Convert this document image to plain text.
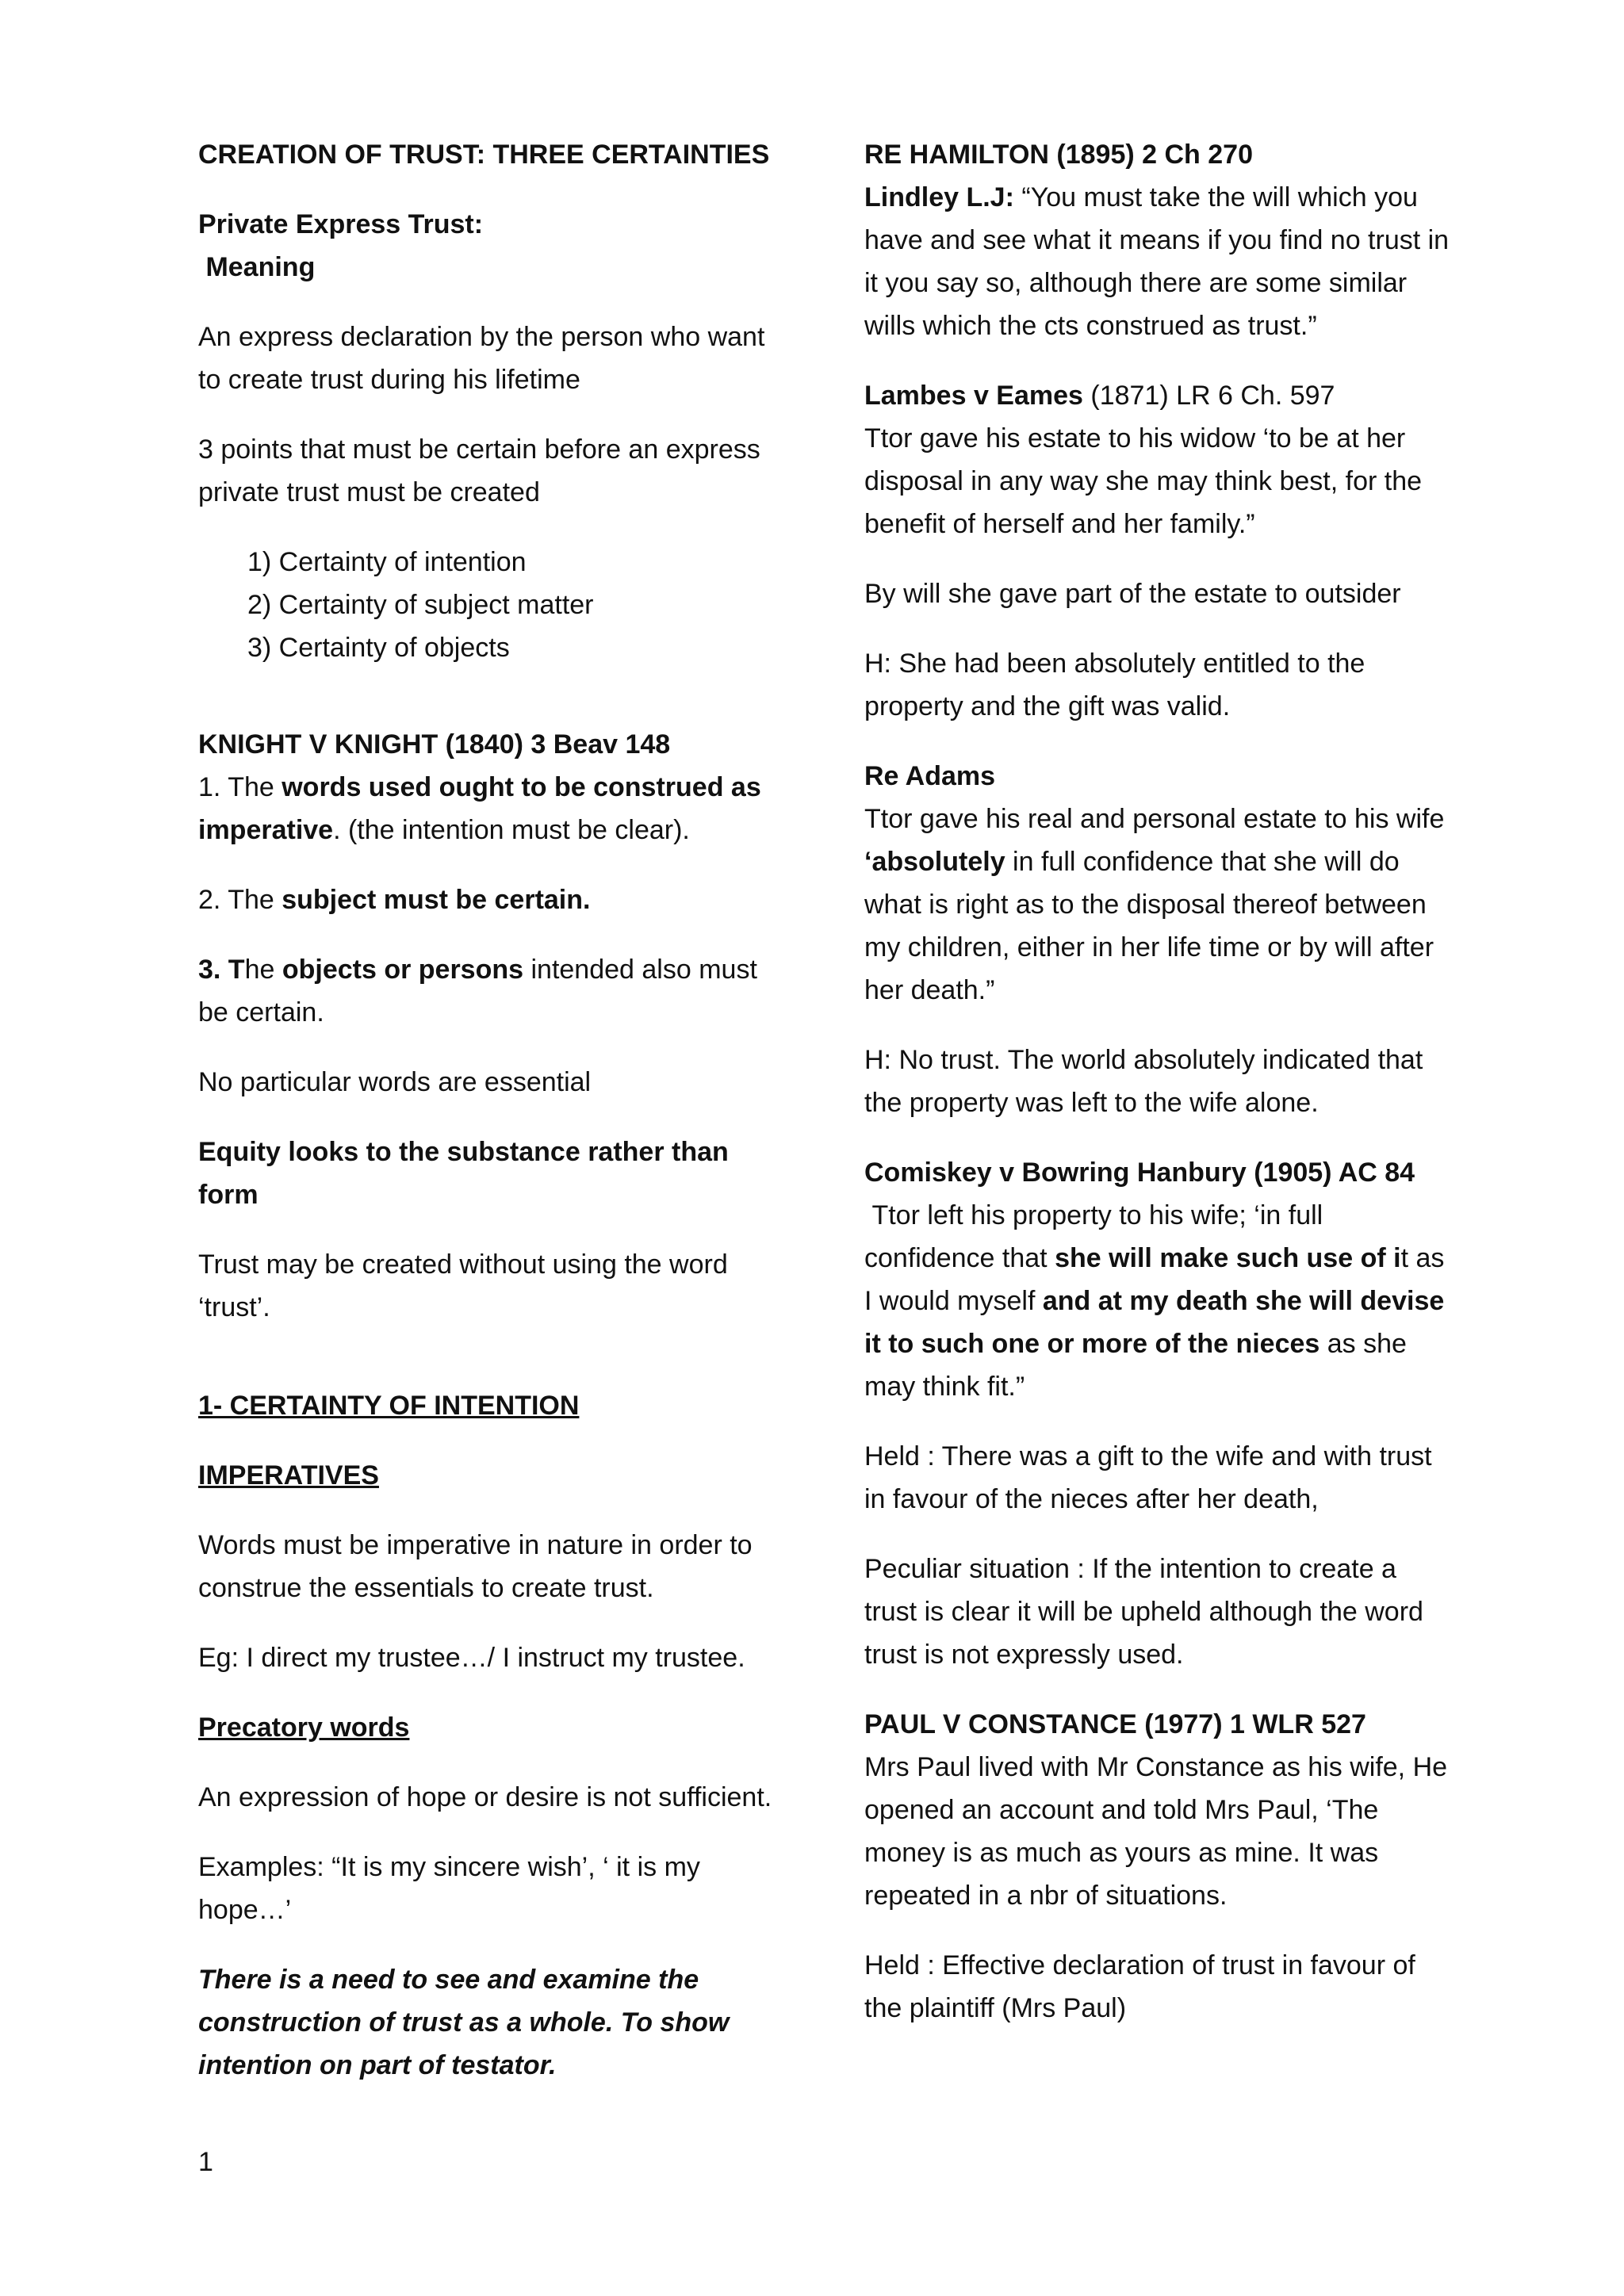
CREATION OF TRUST: THREE CERTAINTIES

Private Express Trust:
Meaning

An express declaration by the person who want to create trust during his lifetime

3 points that must be certain before an express private trust must be created

1) Certainty of intention
2) Certainty of subject matter
3) Certainty of objects

KNIGHT V KNIGHT (1840) 3 Beav 148
1. The words used ought to be construed as imperative. (the intention must be clear).

2. The subject must be certain.

3. The objects or persons intended also must be certain.

No particular words are essential

Equity looks to the substance rather than form

Trust may be created without using the word ‘trust’.

1- CERTAINTY OF INTENTION

IMPERATIVES

Words must be imperative in nature in order to construe the essentials to create trust.

Eg: I direct my trustee…/ I instruct my trustee.

Precatory words

An expression of hope or desire is not sufficient.

Examples: “It is my sincere wish’, ‘ it is my hope…’

There is a need to see and examine the construction of trust as a whole. To show intention on part of testator.

RE HAMILTON (1895) 2 Ch 270
Lindley L.J: “You must take the will which you have and see what it means if you find no trust in it you say so, although there are some similar wills which the cts construed as trust.”

Lambes v Eames (1871) LR 6 Ch. 597
Ttor gave his estate to his widow ‘to be at her disposal in any way she may think best, for the benefit of herself and her family.”

By will she gave part of the estate to outsider

H: She had been absolutely entitled to the property and the gift was valid.

Re Adams
Ttor gave his real and personal estate to his wife ‘absolutely in full confidence that she will do what is right as to the disposal thereof between my children, either in her life time or by will after her death.”

H: No trust. The world absolutely indicated that the property was left to the wife alone.

Comiskey v Bowring Hanbury (1905) AC 84
Ttor left his property to his wife; ‘in full confidence that she will make such use of it as I would myself and at my death she will devise it to such one or more of the nieces as she may think fit.”

Held : There was a gift to the wife and with trust in favour of the nieces after her death,

Peculiar situation : If the intention to create a trust is clear it will be upheld although the word trust is not expressly used.

PAUL V CONSTANCE (1977) 1 WLR 527
Mrs Paul lived with Mr Constance as his wife, He opened an account and told Mrs Paul, ‘The money is as much as yours as mine. It was repeated in a nbr of situations.

Held : Effective declaration of trust in favour of the plaintiff (Mrs Paul)

1
